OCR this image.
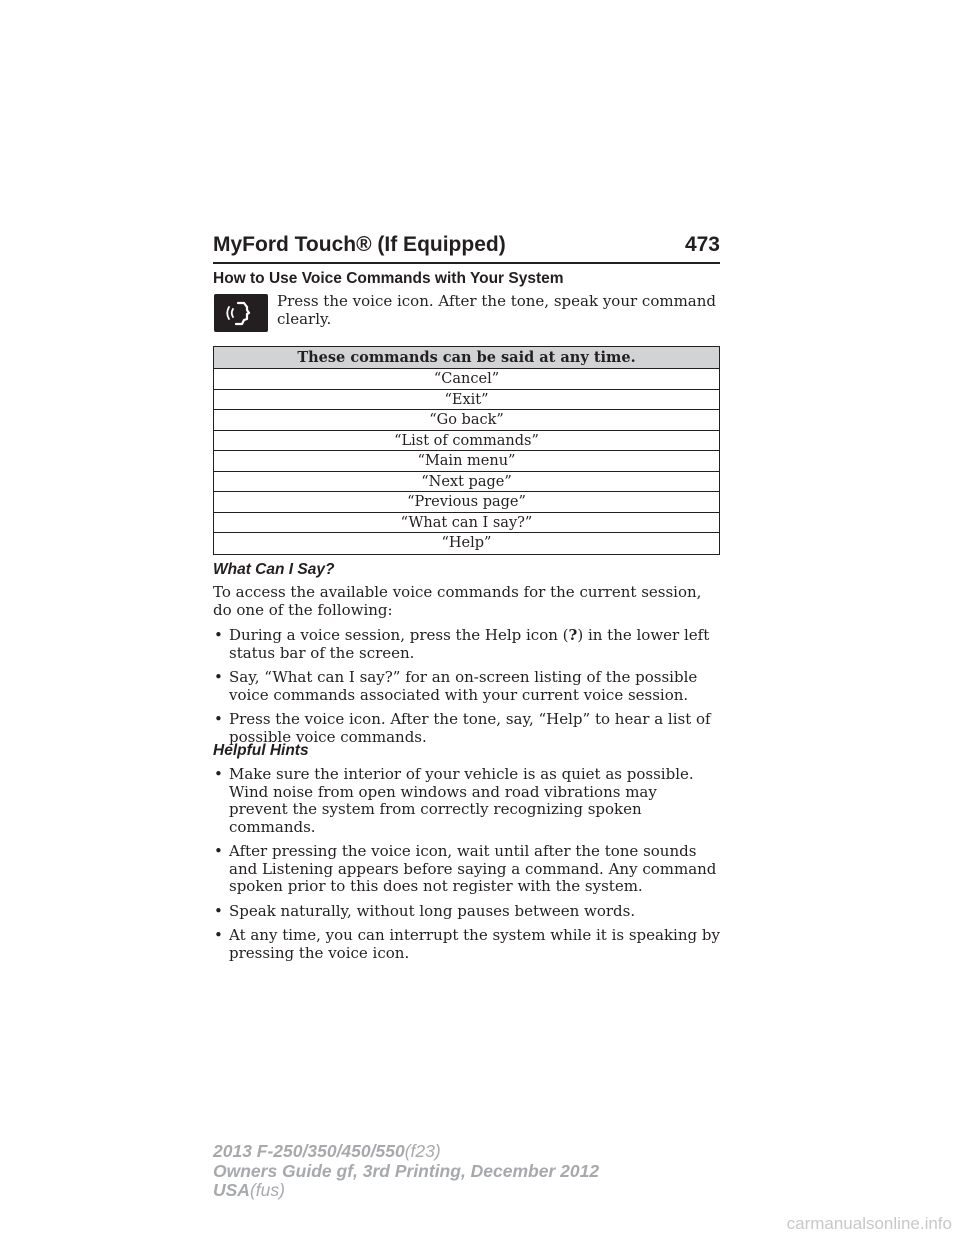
MyFord Touch® (If Equipped)	473
How to Use Voice Commands with Your System
Press the voice icon. After the tone, speak your command clearly.
These commands can be said at any time.
“Cancel”
“Exit”
“Go back”
“List of commands”
“Main menu”
“Next page”
“Previous page”
“What can I say?”
“Help”
What Can I Say?
To access the available voice commands for the current session, do one of the following:
• During a voice session, press the Help icon (?) in the lower left status bar of the screen.
• Say, “What can I say?” for an on-screen listing of the possible voice commands associated with your current voice session.
• Press the voice icon. After the tone, say, “Help” to hear a list of possible voice commands.
Helpful Hints
• Make sure the interior of your vehicle is as quiet as possible. Wind noise from open windows and road vibrations may prevent the system from correctly recognizing spoken commands.
• After pressing the voice icon, wait until after the tone sounds and Listening appears before saying a command. Any command spoken prior to this does not register with the system.
• Speak naturally, without long pauses between words.
• At any time, you can interrupt the system while it is speaking by pressing the voice icon.
2013 F-250/350/450/550(f23)
Owners Guide gf, 3rd Printing, December 2012
USA(fus)
carmanualsonline.info
